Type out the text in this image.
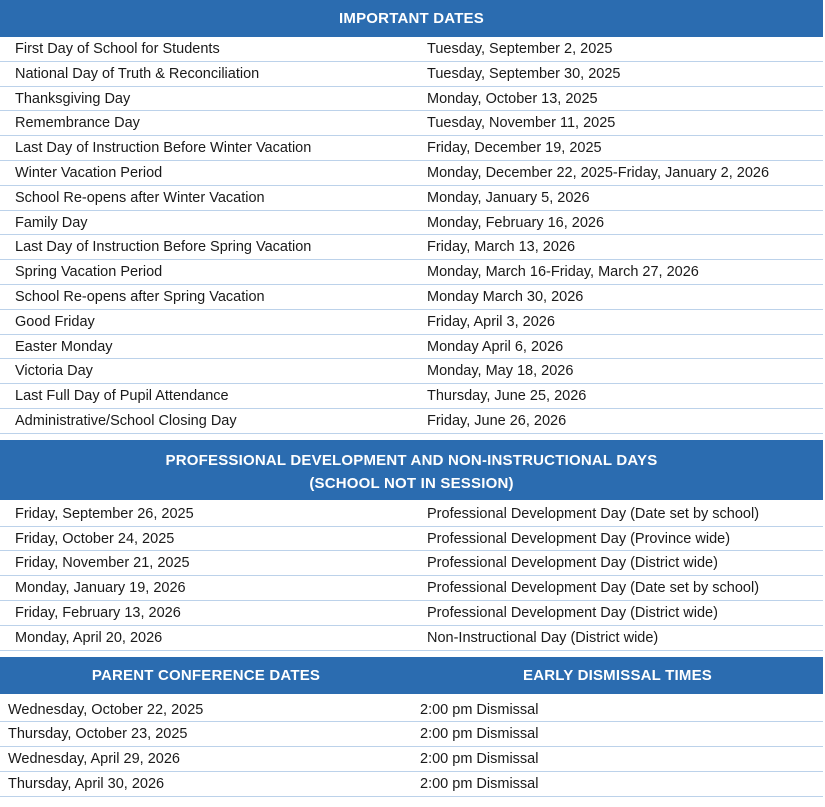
IMPORTANT DATES
First Day of School for Students	Tuesday, September 2, 2025
National Day of Truth & Reconciliation	Tuesday, September 30, 2025
Thanksgiving Day	Monday, October 13, 2025
Remembrance Day	Tuesday, November 11, 2025
Last Day of Instruction Before Winter Vacation	Friday, December 19, 2025
Winter Vacation Period	Monday, December 22, 2025-Friday, January 2, 2026
School Re-opens after Winter Vacation	Monday, January 5, 2026
Family Day	Monday, February 16, 2026
Last Day of Instruction Before Spring Vacation	Friday, March 13, 2026
Spring Vacation Period	Monday, March 16-Friday, March 27, 2026
School Re-opens after Spring Vacation	Monday March 30, 2026
Good Friday	Friday, April 3, 2026
Easter Monday	Monday April 6, 2026
Victoria Day	Monday, May 18, 2026
Last Full Day of Pupil Attendance	Thursday, June 25, 2026
Administrative/School Closing Day	Friday, June 26, 2026
PROFESSIONAL DEVELOPMENT AND NON-INSTRUCTIONAL DAYS
(SCHOOL NOT IN SESSION)
Friday, September 26, 2025	Professional Development Day (Date set by school)
Friday, October 24, 2025	Professional Development Day (Province wide)
Friday, November 21, 2025	Professional Development Day (District wide)
Monday, January 19, 2026	Professional Development Day (Date set by school)
Friday, February 13, 2026	Professional Development Day (District wide)
Monday, April 20, 2026	Non-Instructional Day (District wide)
PARENT CONFERENCE DATES	EARLY DISMISSAL TIMES
Wednesday, October 22, 2025	2:00 pm Dismissal
Thursday, October 23, 2025	2:00 pm Dismissal
Wednesday, April 29, 2026	2:00 pm Dismissal
Thursday, April 30, 2026	2:00 pm Dismissal
